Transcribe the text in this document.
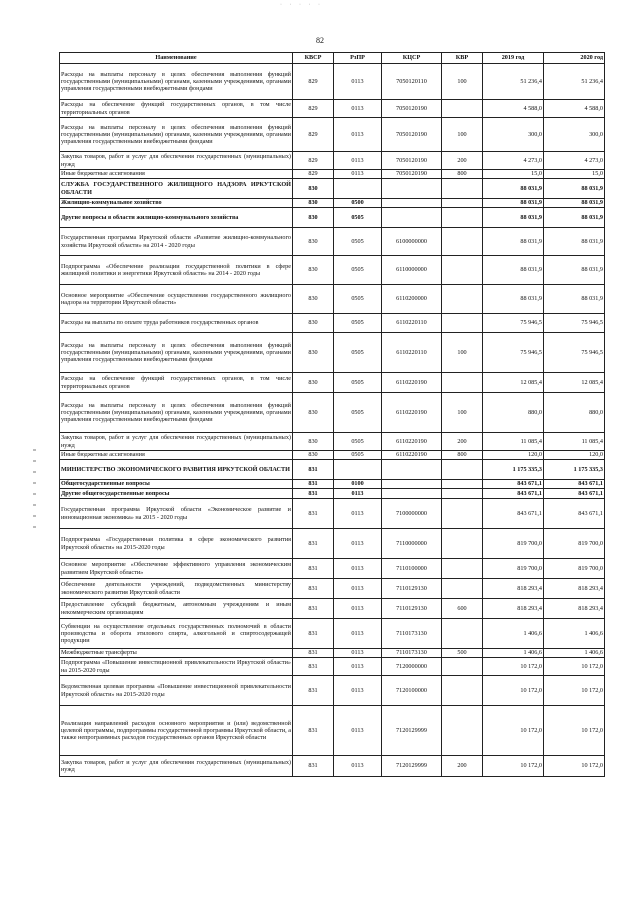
· · · · ·
82
Наименование	КВСР	РзПР	КЦСР	КВР	2019 год	2020 год
Расходы на выплаты персоналу в целях обеспечения выполнения функций государственными (муниципальными) органами, казенными учреждениями, органами управления государственными внебюджетными фондами	829	0113	7050120110	100	51 236,4	51 236,4
Расходы на обеспечение функций государственных органов, в том числе территориальных органов	829	0113	7050120190		4 588,0	4 588,0
Расходы на выплаты персоналу в целях обеспечения выполнения функций государственными (муниципальными) органами, казенными учреждениями, органами управления государственными внебюджетными фондами	829	0113	7050120190	100	300,0	300,0
Закупка товаров, работ и услуг для обеспечения государственных (муниципальных) нужд	829	0113	7050120190	200	4 273,0	4 273,0
Иные бюджетные ассигнования	829	0113	7050120190	800	15,0	15,0
СЛУЖБА ГОСУДАРСТВЕННОГО ЖИЛИЩНОГО НАДЗОРА ИРКУТСКОЙ ОБЛАСТИ	830				88 031,9	88 031,9
Жилищно-коммунальное хозяйство	830	0500			88 031,9	88 031,9
Другие вопросы в области жилищно-коммунального хозяйства	830	0505			88 031,9	88 031,9
Государственная программа Иркутской области «Развитие жилищно-коммунального хозяйства Иркутской области» на 2014 - 2020 годы	830	0505	6100000000		88 031,9	88 031,9
Подпрограмма «Обеспечение реализации государственной политики в сфере жилищной политики и энергетики Иркутской области» на 2014 - 2020 годы	830	0505	6110000000		88 031,9	88 031,9
Основное мероприятие «Обеспечение осуществления государственного жилищного надзора на территории Иркутской области»	830	0505	6110200000		88 031,9	88 031,9
Расходы на выплаты по оплате труда работников государственных органов	830	0505	6110220110		75 946,5	75 946,5
Расходы на выплаты персоналу в целях обеспечения выполнения функций государственными (муниципальными) органами, казенными учреждениями, органами управления государственными внебюджетными фондами	830	0505	6110220110	100	75 946,5	75 946,5
Расходы на обеспечение функций государственных органов, в том числе территориальных органов	830	0505	6110220190		12 085,4	12 085,4
Расходы на выплаты персоналу в целях обеспечения выполнения функций государственными (муниципальными) органами, казенными учреждениями, органами управления государственными внебюджетными фондами	830	0505	6110220190	100	880,0	880,0
Закупка товаров, работ и услуг для обеспечения государственных (муниципальных) нужд	830	0505	6110220190	200	11 085,4	11 085,4
Иные бюджетные ассигнования	830	0505	6110220190	800	120,0	120,0
МИНИСТЕРСТВО ЭКОНОМИЧЕСКОГО РАЗВИТИЯ ИРКУТСКОЙ ОБЛАСТИ	831				1 175 335,3	1 175 335,3
Общегосударственные вопросы	831	0100			843 671,1	843 671,1
Другие общегосударственные вопросы	831	0113			843 671,1	843 671,1
Государственная программа Иркутской области «Экономическое развитие и инновационная экономика» на 2015 - 2020 годы	831	0113	7100000000		843 671,1	843 671,1
Подпрограмма «Государственная политика в сфере экономического развития Иркутской области» на 2015-2020 годы	831	0113	7110000000		819 700,0	819 700,0
Основное мероприятие «Обеспечение эффективного управления экономическим развитием Иркутской области»	831	0113	7110100000		819 700,0	819 700,0
Обеспечение деятельности учреждений, подведомственных министерству экономического развития Иркутской области	831	0113	7110129130		818 293,4	818 293,4
Предоставление субсидий бюджетным, автономным учреждениям и иным некоммерческим организациям	831	0113	7110129130	600	818 293,4	818 293,4
Субвенции на осуществление отдельных государственных полномочий в области производства и оборота этилового спирта, алкогольной и спиртосодержащей продукции	831	0113	7110173130		1 406,6	1 406,6
Межбюджетные трансферты	831	0113	7110173130	500	1 406,6	1 406,6
Подпрограмма «Повышение инвестиционной привлекательности Иркутской области» на 2015-2020 годы	831	0113	7120000000		10 172,0	10 172,0
Ведомственная целевая программа «Повышение инвестиционной привлекательности Иркутской области» на 2015-2020 годы	831	0113	7120100000		10 172,0	10 172,0
Реализация направлений расходов основного мероприятия и (или) ведомственной целевой программы, подпрограммы государственной программы Иркутской области, а также непрограммных расходов государственных органов Иркутской области	831	0113	7120129999		10 172,0	10 172,0
Закупка товаров, работ и услуг для обеспечения государственных (муниципальных) нужд	831	0113	7120129999	200	10 172,0	10 172,0
